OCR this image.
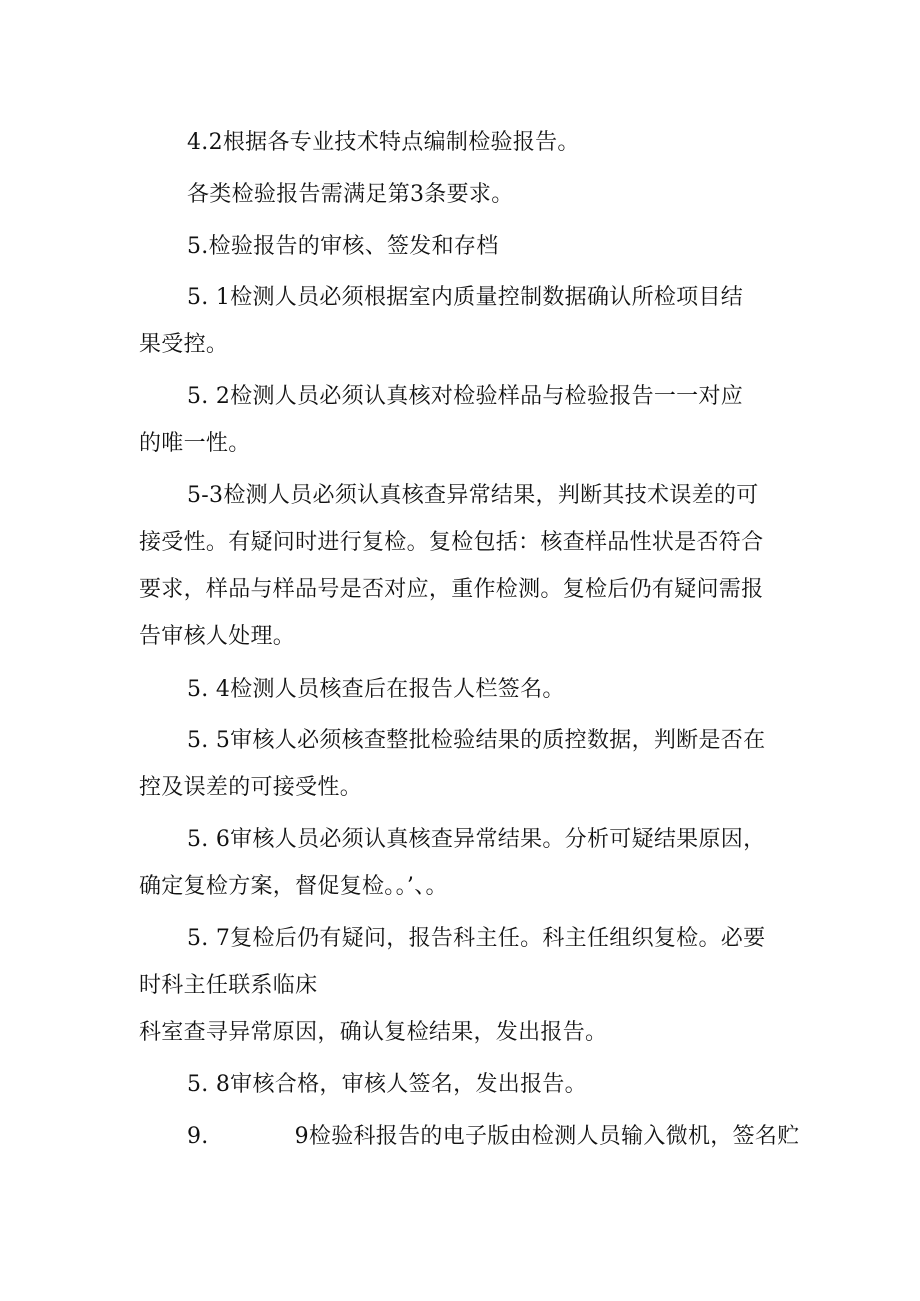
4.2根据各专业技术特点编制检验报告。
各类检验报告需满足第3条要求。
5.检验报告的审核、签发和存档
5. 1检测人员必须根据室内质量控制数据确认所检项目结
果受控。
5. 2检测人员必须认真核对检验样品与检验报告一一对应
的唯一性。
5-3检测人员必须认真核查异常结果，判断其技术误差的可
接受性。有疑问时进行复检。复检包括：核查样品性状是否符合
要求，样品与样品号是否对应，重作检测。复检后仍有疑问需报
告审核人处理。
5. 4检测人员核查后在报告人栏签名。
5. 5审核人必须核查整批检验结果的质控数据，判断是否在
控及误差的可接受性。
5. 6审核人员必须认真核查异常结果。分析可疑结果原因，
确定复检方案，督促复检。。’、。
5. 7复检后仍有疑问，报告科主任。科主任组织复检。必要
时科主任联系临床
科室查寻异常原因，确认复检结果，发出报告。
5. 8审核合格，审核人签名，发出报告。
9.	9检验科报告的电子版由检测人员输入微机，签名贮
